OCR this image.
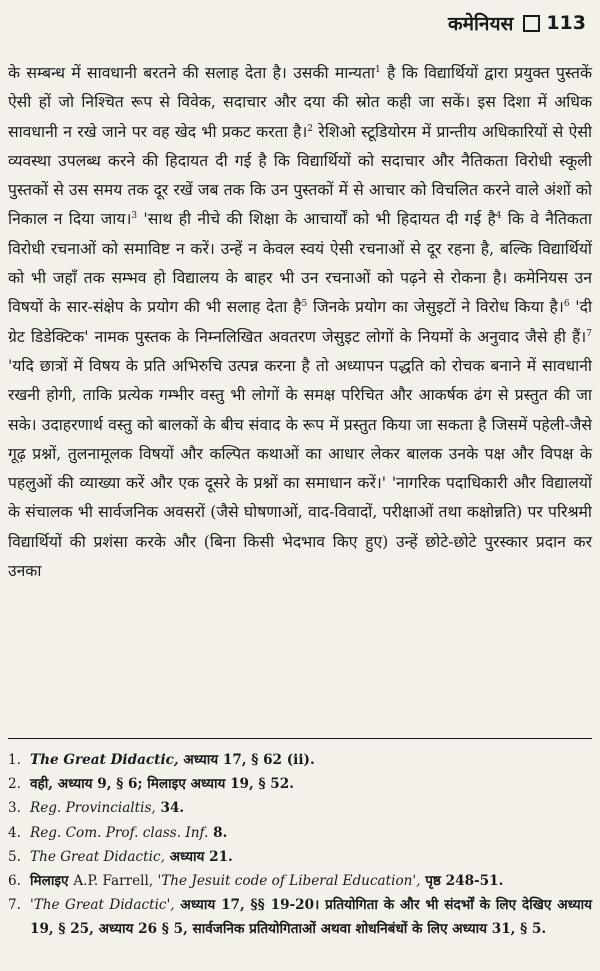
कमेनियस 113

के सम्बन्ध में सावधानी बरतने की सलाह देता है। उसकी मान्यता$^1$ है कि विद्यार्थियों द्वारा प्रयुक्त पुस्तकें ऐसी हों जो निश्चित रूप से विवेक, सदाचार और दया की स्रोत कही जा सकें। इस दिशा में अधिक सावधानी न रखे जाने पर वह खेद भी प्रकट करता है।$^2$ रेशिओ स्टूडियोरम में प्रान्तीय अधिकारियों से ऐसी व्यवस्था उपलब्ध करने की हिदायत दी गई है कि विद्यार्थियों को सदाचार और नैतिकता विरोधी स्कूली पुस्तकों से उस समय तक दूर रखें जब तक कि उन पुस्तकों में से आचार को विचलित करने वाले अंशों को निकाल न दिया जाय।$^3$ 'साथ ही नीचे की शिक्षा के आचार्यों को भी हिदायत दी गई है$^4$ कि वे नैतिकता विरोधी रचनाओं को समाविष्ट न करें। उन्हें न केवल स्वयं ऐसी रचनाओं से दूर रहना है, बल्कि विद्यार्थियों को भी जहाँ तक सम्भव हो विद्यालय के बाहर भी उन रचनाओं को पढ़ने से रोकना है। कमेनियस उन विषयों के सार-संक्षेप के प्रयोग की भी सलाह देता है$^5$ जिनके प्रयोग का जेसुइटों ने विरोध किया है।$^6$ 'दी ग्रेट डिडेक्टिक' नामक पुस्तक के निम्नलिखित अवतरण जेसुइट लोगों के नियमों के अनुवाद जैसे ही हैं।$^7$ 'यदि छात्रों में विषय के प्रति अभिरुचि उत्पन्न करना है तो अध्यापन पद्धति को रोचक बनाने में सावधानी रखनी होगी, ताकि प्रत्येक गम्भीर वस्तु भी लोगों के समक्ष परिचित और आकर्षक ढंग से प्रस्तुत की जा सके। उदाहरणार्थ वस्तु को बालकों के बीच संवाद के रूप में प्रस्तुत किया जा सकता है जिसमें पहेली-जैसे गूढ़ प्रश्नों, तुलनामूलक विषयों और कल्पित कथाओं का आधार लेकर बालक उनके पक्ष और विपक्ष के पहलुओं की व्याख्या करें और एक दूसरे के प्रश्नों का समाधान करें।' 'नागरिक पदाधिकारी और विद्यालयों के संचालक भी सार्वजनिक अवसरों (जैसे घोषणाओं, वाद-विवादों, परीक्षाओं तथा कक्षोन्नति) पर परिश्रमी विद्यार्थियों की प्रशंसा करके और (बिना किसी भेदभाव किए हुए) उन्हें छोटे-छोटे पुरस्कार प्रदान कर उनका

1. The Great Didactic, अध्याय 17, § 62 (ii).
2. वही, अध्याय 9, § 6; मिलाइए अध्याय 19, § 52.
3. Reg. Provincialtis, 34.
4. Reg. Com. Prof. class. Inf. 8.
5. The Great Didactic, अध्याय 21.
6. मिलाइए A.P. Farrell, 'The Jesuit code of Liberal Education', पृष्ठ 248-51.
7. 'The Great Didactic', अध्याय 17, §§ 19-20। प्रतियोगिता के और भी संदर्भों के लिए देखिए अध्याय 19, § 25, अध्याय 26 § 5, सार्वजनिक प्रतियोगिताओं अथवा शोधनिबंधों के लिए अध्याय 31, § 5.
